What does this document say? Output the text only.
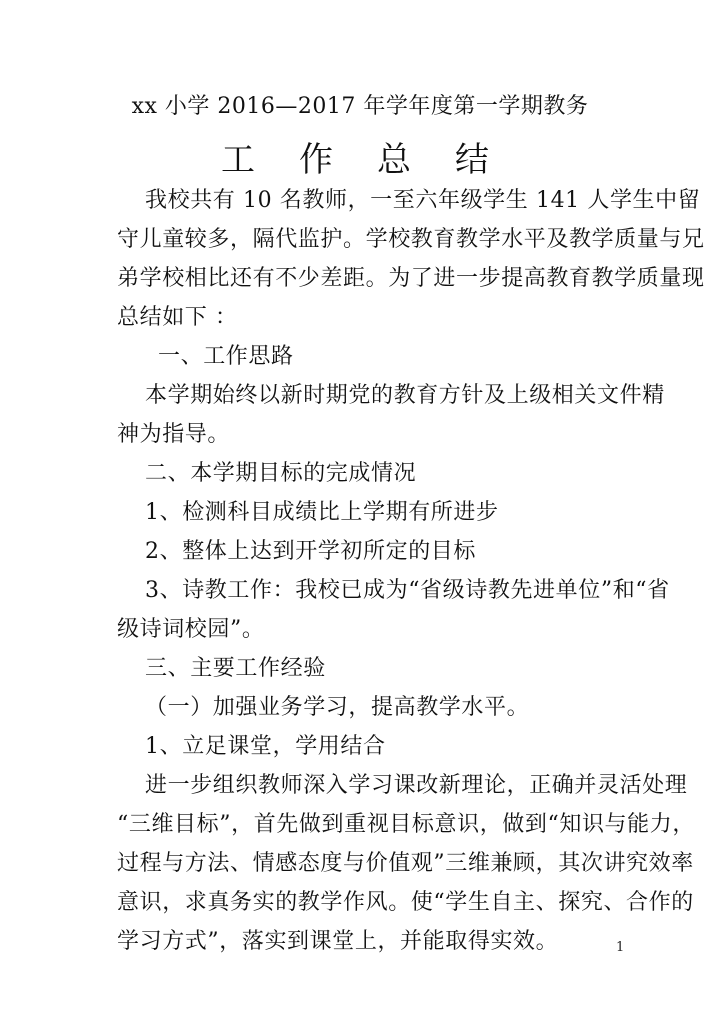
xx 小学 2016—2017 年学年度第一学期教务
工作总结
我校共有 10 名教师，一至六年级学生 141 人学生中留
守儿童较多，隔代监护。学校教育教学水平及教学质量与兄
弟学校相比还有不少差距。为了进一步提高教育教学质量现
总结如下 ：
一、工作思路
本学期始终以新时期党的教育方针及上级相关文件精
神为指导。
二、本学期目标的完成情况
1、检测科目成绩比上学期有所进步
2、整体上达到开学初所定的目标
3、诗教工作：我校已成为“省级诗教先进单位”和“省
级诗词校园”。
三、主要工作经验
（一）加强业务学习，提高教学水平。
1、立足课堂，学用结合
进一步组织教师深入学习课改新理论，正确并灵活处理
“三维目标”，首先做到重视目标意识，做到“知识与能力，
过程与方法、情感态度与价值观”三维兼顾，其次讲究效率
意识，求真务实的教学作风。使“学生自主、探究、合作的
学习方式”，落实到课堂上，并能取得实效。	1
